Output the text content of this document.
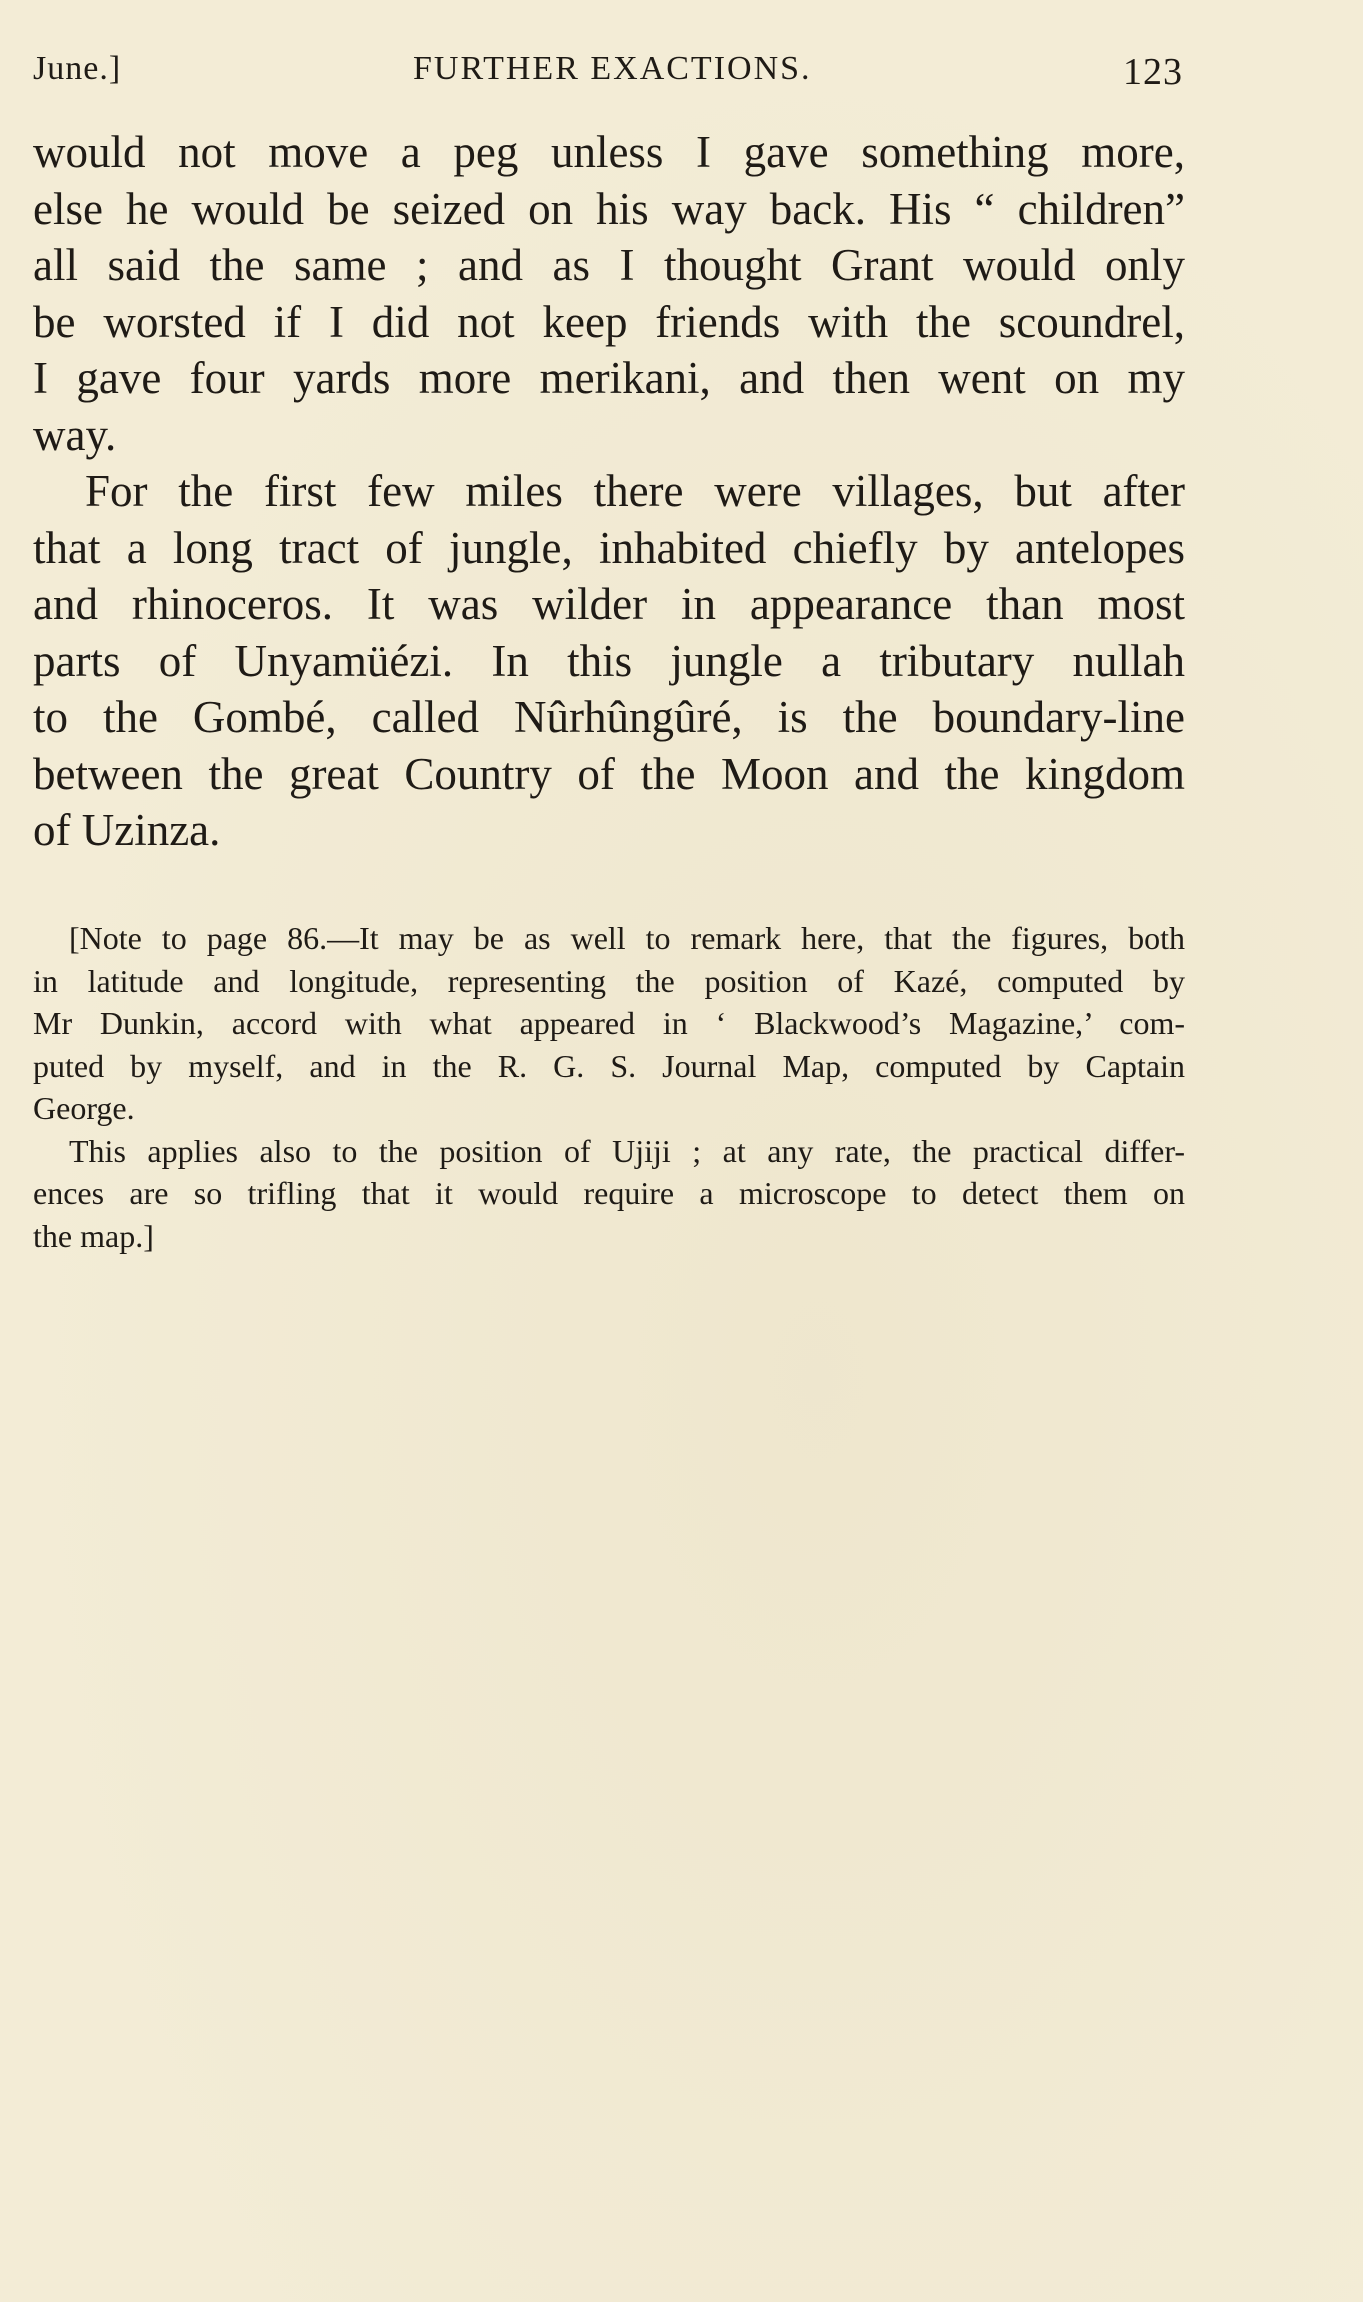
June.]	FURTHER EXACTIONS.	123
would not move a peg unless I gave something more,
else he would be seized on his way back. His “ children”
all said the same ; and as I thought Grant would only
be worsted if I did not keep friends with the scoundrel,
I gave four yards more merikani, and then went on my
way.
For the first few miles there were villages, but after
that a long tract of jungle, inhabited chiefly by antelopes
and rhinoceros. It was wilder in appearance than most
parts of Unyamüézi. In this jungle a tributary nullah
to the Gombé, called Nûrhûngûré, is the boundary-line
between the great Country of the Moon and the kingdom
of Uzinza.
[Note to page 86.—It may be as well to remark here, that the figures, both
in latitude and longitude, representing the position of Kazé, computed by
Mr Dunkin, accord with what appeared in ‘ Blackwood’s Magazine,’ com-
puted by myself, and in the R. G. S. Journal Map, computed by Captain
George.
This applies also to the position of Ujiji ; at any rate, the practical differ-
ences are so trifling that it would require a microscope to detect them on
the map.]
